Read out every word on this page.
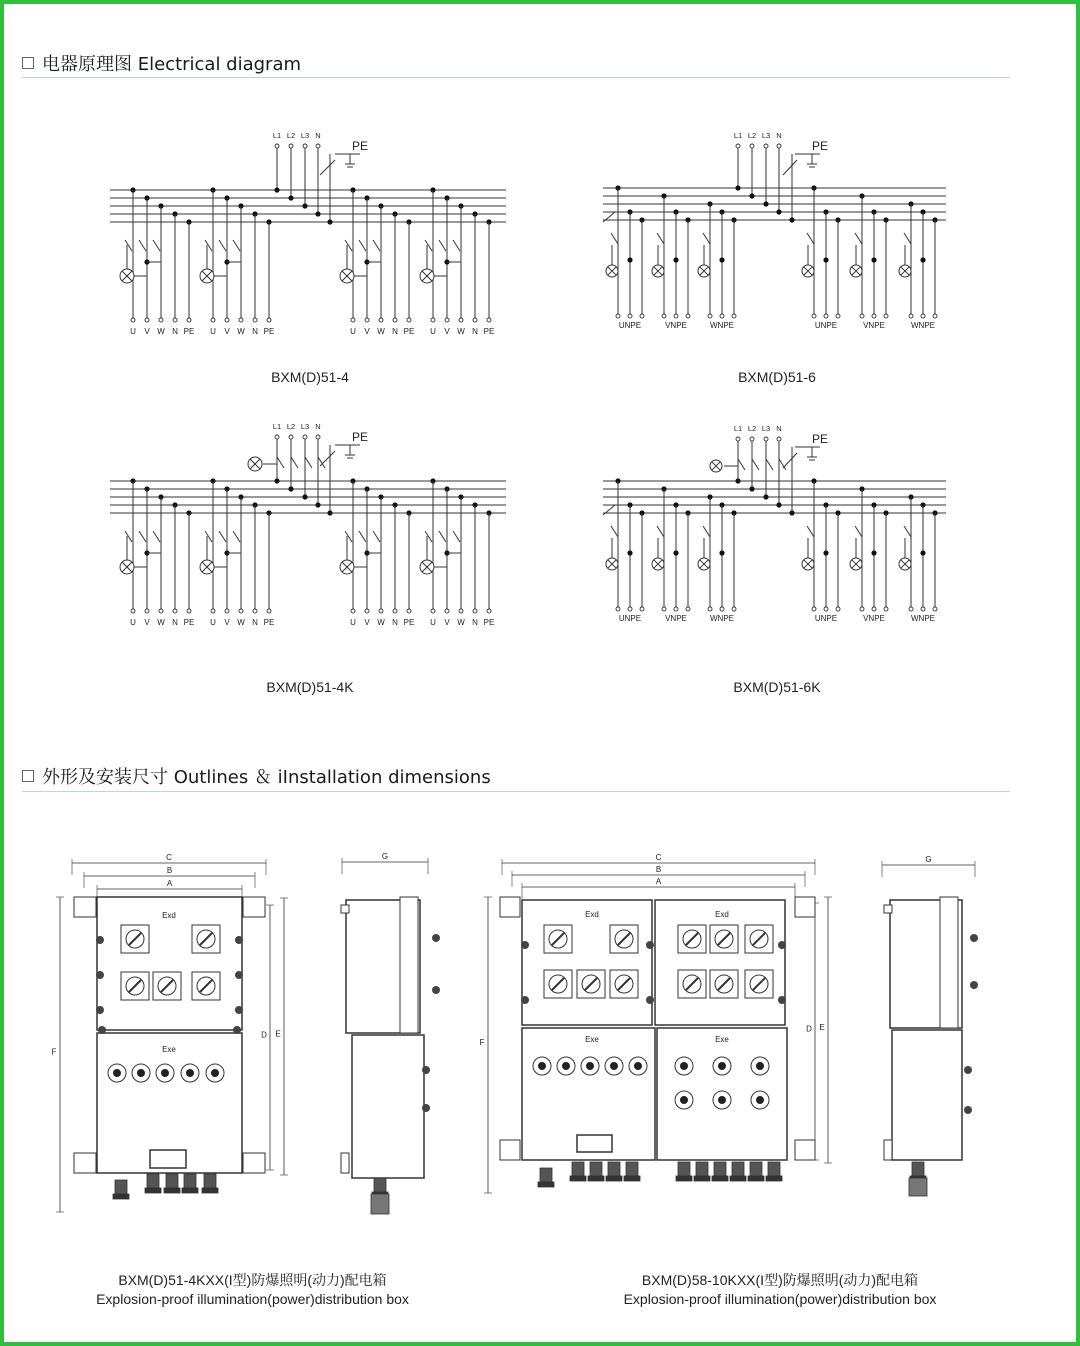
电器原理图 Electrical diagram
L1 L2 L3 N
PE
U V W N PE U V W N PE	U V W N PE U V W N PE
L1 L2 L3 N
PE
UNPE	VNPE	WNPE	UNPE	VNPE	WNPE
L1 L2 L3 N
PE
U V W N PE U V W N PE	U V W N PE U V W N PE
L1 L2 L3 N
PE
UNPE	VNPE	WNPE	UNPE	VNPE	WNPE
C
B
A
F
D E
Exd
Exe
G	C
B
A
F
D E
Exd	Exd
Exe	Exe
G
BXM(D)51-4	BXM(D)51-6
BXM(D)51-4K	BXM(D)51-6K
外形及安装尺寸 Outlines ＆ iInstallation dimensions
BXM(D)51-4KXX(I型)防爆照明(动力)配电箱
Explosion-proof illumination(power)distribution box
BXM(D)58-10KXX(I型)防爆照明(动力)配电箱
Explosion-proof illumination(power)distribution box
